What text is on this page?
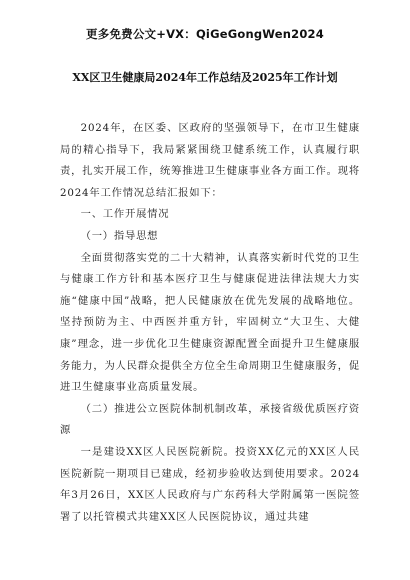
更多免费公文+VX：QiGeGongWen2024
XX区卫生健康局2024年工作总结及2025年工作计划

2024年，在区委、区政府的坚强领导下，在市卫生健康局的精心指导下，我局紧紧围绕卫健系统工作，认真履行职责，扎实开展工作，统筹推进卫生健康事业各方面工作。现将2024年工作情况总结汇报如下：

一、工作开展情况

（一）指导思想

全面贯彻落实党的二十大精神，认真落实新时代党的卫生与健康工作方针和基本医疗卫生与健康促进法律法规大力实施“健康中国”战略，把人民健康放在优先发展的战略地位。坚持预防为主、中西医并重方针，牢固树立“大卫生、大健康”理念，进一步优化卫生健康资源配置全面提升卫生健康服务能力，为人民群众提供全方位全生命周期卫生健康服务，促进卫生健康事业高质量发展。

（二）推进公立医院体制机制改革，承接省级优质医疗资源

一是建设XX区人民医院新院。投资XX亿元的XX区人民医院新院一期项目已建成，经初步验收达到使用要求。2024年3月26日，XX区人民政府与广东药科大学附属第一医院签署了以托管模式共建XX区人民医院协议，通过共建
